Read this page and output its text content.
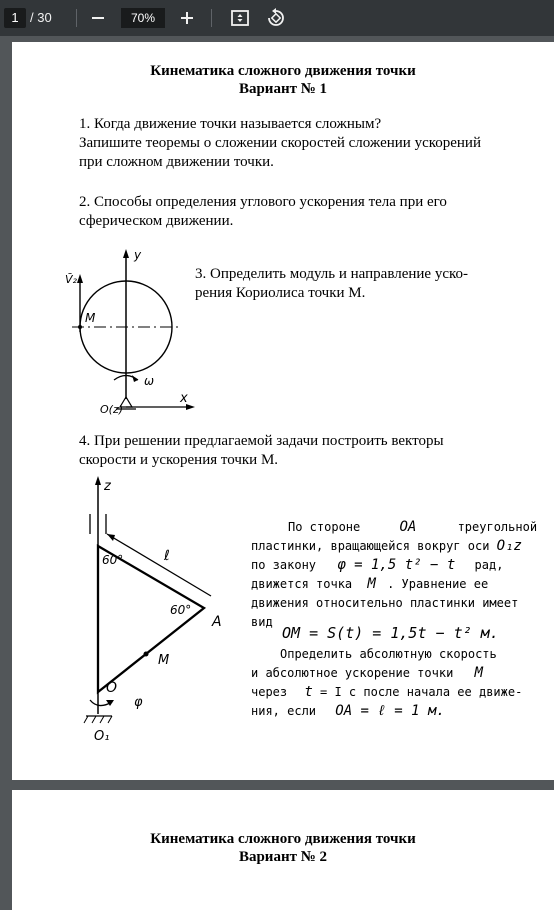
1 / 30	70%
Кинематика сложного движения точки
Вариант № 1
1. Когда движение точки называется сложным?
Запишите теоремы о сложении скоростей сложении ускорений
при сложном движении точки.
2. Способы определения углового ускорения тела при его
сферическом движении.
y
V̄₂
M
ω
x
O(z)
3. Определить модуль и направление уско-
рения Кориолиса точки М.
4. При решении предлагаемой задачи построить векторы
скорости и ускорения точки М.
z
ℓ
60°
60°
A
M
O
φ
O₁
По стороне	OA	треугольной
пластинки, вращающейся вокруг оси O₁z
по закону φ = 1,5 t² − t рад,
движется точка M . Уравнение ее
движения относительно пластинки имеет
вид
OM = S(t) = 1,5t − t² м.
Определить абсолютную скорость
и абсолютное ускорение точки M
через t = I с после начала ее движе-
ния, если OA = ℓ = 1 м.
Кинематика сложного движения точки
Вариант № 2
